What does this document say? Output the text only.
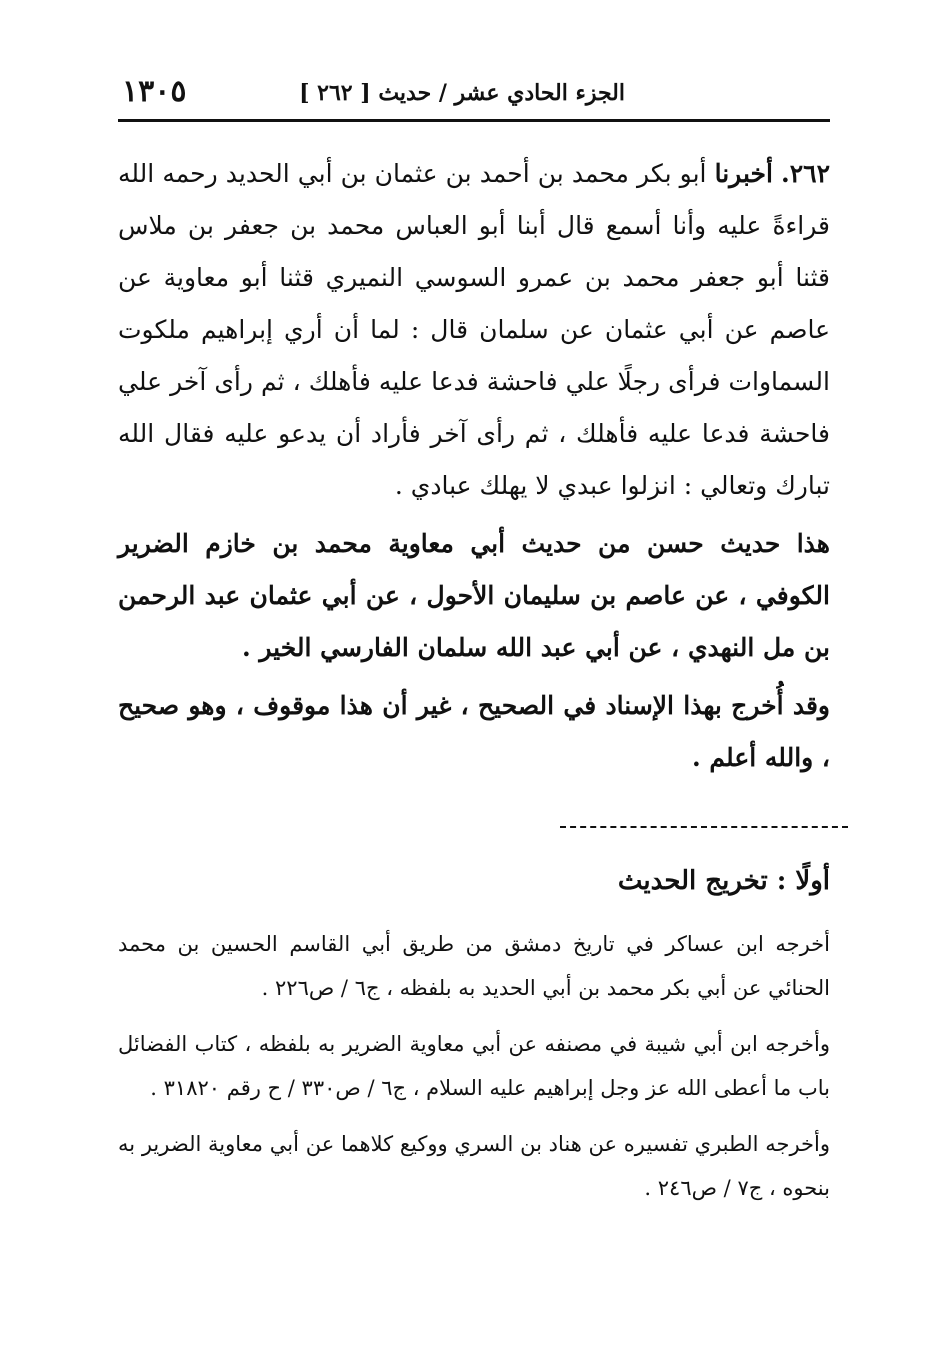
الجزء الحادي عشر / حديث [ ٢٦٢ ]
١٣٠٥

٢٦٢. أخبرنا أبو بكر محمد بن أحمد بن عثمان بن أبي الحديد رحمه الله قراءةً عليه وأنا أسمع قال أبنا أبو العباس محمد بن جعفر بن ملاس قثنا أبو جعفر محمد بن عمرو السوسي النميري قثنا أبو معاوية عن عاصم عن أبي عثمان عن سلمان قال : لما أن أري إبراهيم ملكوت السماوات فرأى رجلًا علي فاحشة فدعا عليه فأهلك ، ثم رأى آخر علي فاحشة فدعا عليه فأهلك ، ثم رأى آخر فأراد أن يدعو عليه فقال الله تبارك وتعالي : انزلوا عبدي لا يهلك عبادي .

هذا حديث حسن من حديث أبي معاوية محمد بن خازم الضرير الكوفي ، عن عاصم بن سليمان الأحول ، عن أبي عثمان عبد الرحمن بن مل النهدي ، عن أبي عبد الله سلمان الفارسي الخير .

وقد أُخرج بهذا الإسناد في الصحيح ، غير أن هذا موقوف ، وهو صحيح ، والله أعلم .

أولًا : تخريج الحديث

أخرجه ابن عساكر في تاريخ دمشق من طريق أبي القاسم الحسين بن محمد الحنائي عن أبي بكر محمد بن أبي الحديد به بلفظه ، ج٦ / ص٢٢٦ .

وأخرجه ابن أبي شيبة في مصنفه عن أبي معاوية الضرير به بلفظه ، كتاب الفضائل باب ما أعطى الله عز وجل إبراهيم عليه السلام ، ج٦ / ص٣٣٠ / ح رقم ٣١٨٢٠ .

وأخرجه الطبري تفسيره عن هناد بن السري ووكيع كلاهما عن أبي معاوية الضرير به بنحوه ، ج٧ / ص٢٤٦ .
